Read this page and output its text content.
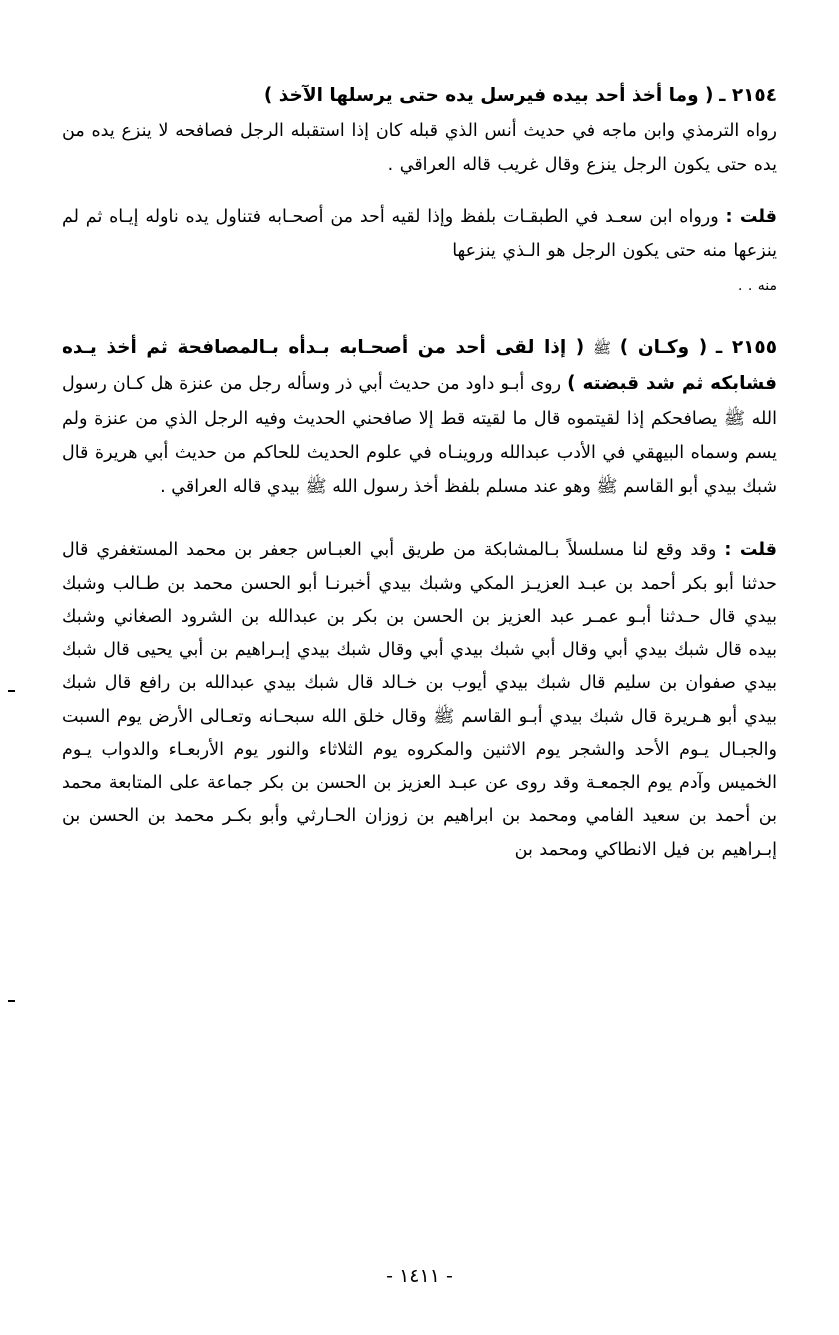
٢١٥٤ ـ ( وما أخذ أحد بيده فيرسل يده حتى يرسلها الآخذ )

رواه الترمذي وابن ماجه في حديث أنس الذي قبله كان إذا استقبله الرجل فصافحه لا ينزع يده من يده حتى يكون الرجل ينزع وقال غريب قاله العراقي .

قلت : ورواه ابن سعـد في الطبقـات بلفظ وإذا لقيه أحد من أصحـابه فتناول يده ناوله إيـاه ثم لم ينزعها منه حتى يكون الرجل هو الـذي ينزعها

منه . .

٢١٥٥ ـ ( وكـان ) ﷺ ( إذا لقى أحد من أصحـابه بـدأه بـالمصافحة ثم أخذ يـده فشابكه ثم شد قبضته ) روى أبـو داود من حديث أبي ذر وسأله رجل من عنزة هل كـان رسول الله ﷺ يصافحكم إذا لقيتموه قال ما لقيته قط إلا صافحني الحديث وفيه الرجل الذي من عنزة ولم يسم وسماه البيهقي في الأدب عبدالله وروينـاه في علوم الحديث للحاكم من حديث أبي هريرة قال شبك بيدي أبو القاسم ﷺ وهو عند مسلم بلفظ أخذ رسول الله ﷺ بيدي قاله العراقي .

قلت : وقد وقع لنا مسلسلاً بـالمشابكة من طريق أبي العبـاس جعفر بن محمد المستغفري قال حدثنا أبو بكر أحمد بن عبـد العزيـز المكي وشبك بيدي أخبرنـا أبو الحسن محمد بن طـالب وشبك بيدي قال حـدثنا أبـو عمـر عبد العزيز بن الحسن بن بكر بن عبدالله بن الشرود الصغاني وشبك بيده قال شبك بيدي أبي وقال أبي شبك بيدي أبي وقال شبك بيدي إبـراهيم بن أبي يحيى قال شبك بيدي صفوان بن سليم قال شبك بيدي أيوب بن خـالد قال شبك بيدي عبدالله بن رافع قال شبك بيدي أبو هـريرة قال شبك بيدي أبـو القاسم ﷺ وقال خلق الله سبحـانه وتعـالى الأرض يوم السبت والجبـال يـوم الأحد والشجر يوم الاثنين والمكروه يوم الثلاثاء والنور يوم الأربعـاء والدواب يـوم الخميس وآدم يوم الجمعـة وقد روى عن عبـد العزيز بن الحسن بن بكر جماعة على المتابعة محمد بن أحمد بن سعيد الفامي ومحمد بن ابراهيم بن زوزان الحـارثي وأبو بكـر محمد بن الحسن بن إبـراهيم بن فيل الانطاكي ومحمد بن

- ١٤١١ -
